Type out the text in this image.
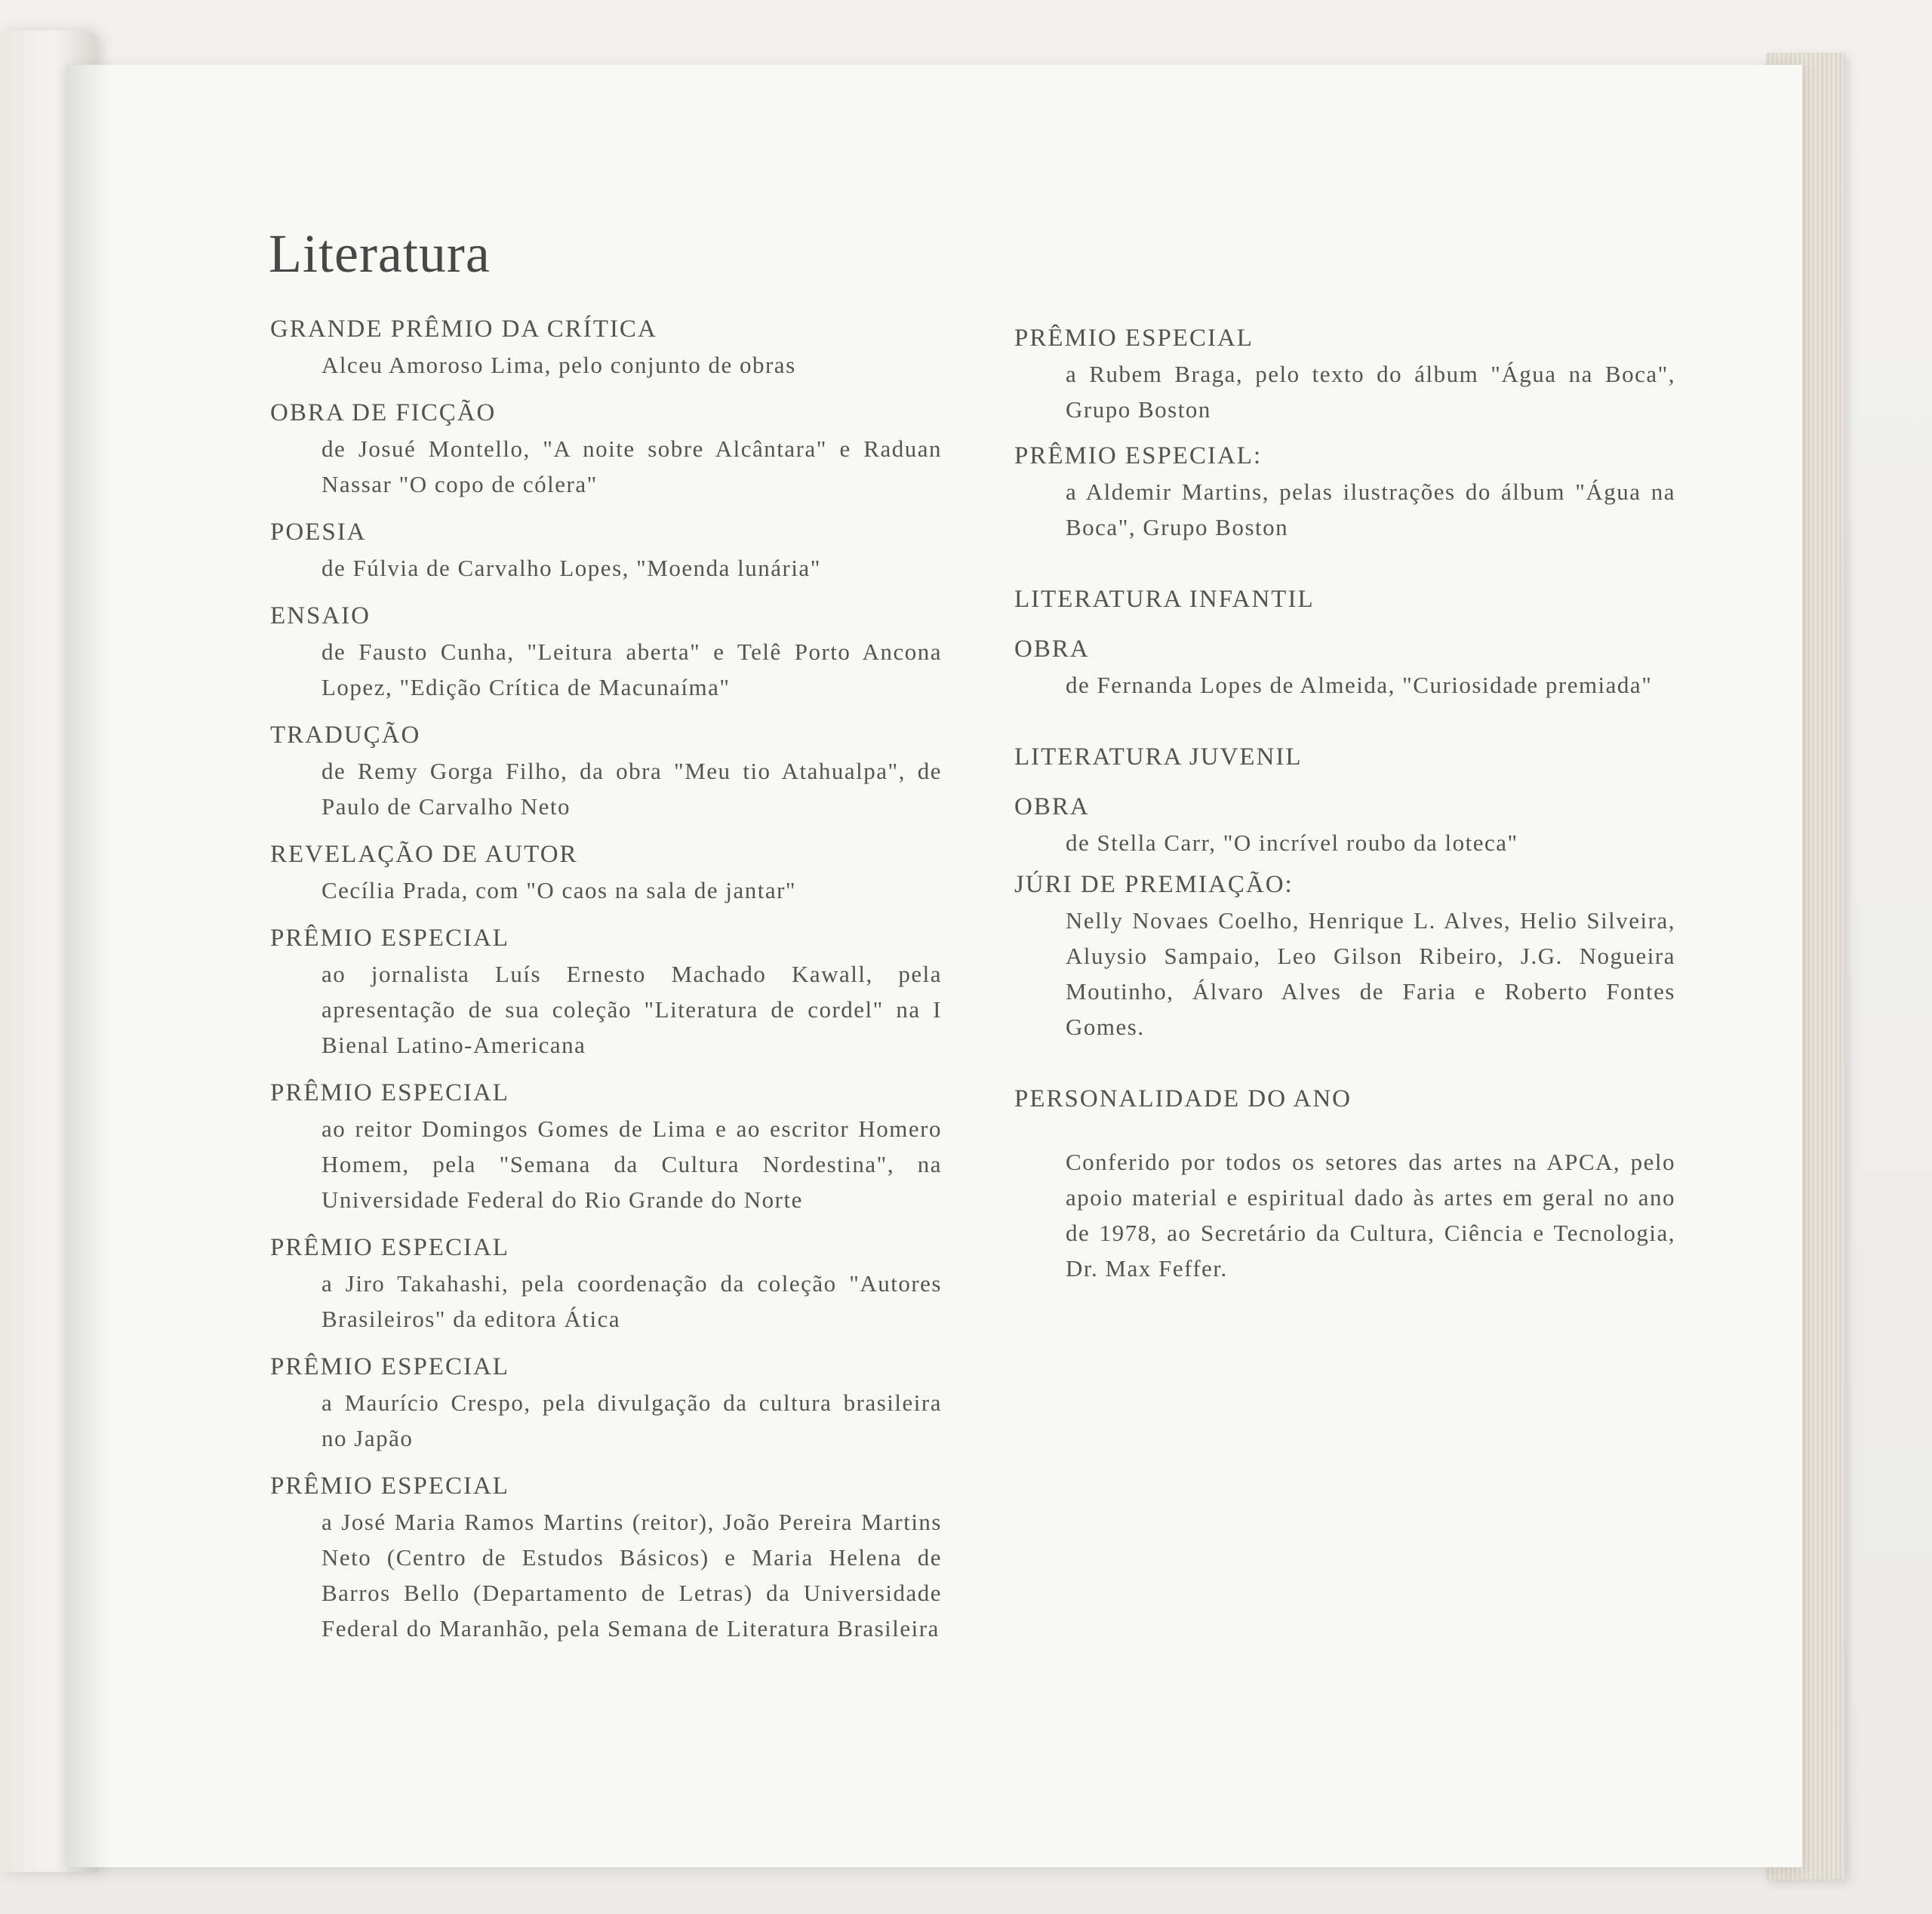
Literatura

GRANDE PRÊMIO DA CRÍTICA

Alceu Amoroso Lima, pelo conjunto de obras

OBRA DE FICÇÃO

de Josué Montello, "A noite sobre Alcântara" e Raduan Nassar "O copo de cólera"

POESIA

de Fúlvia de Carvalho Lopes, "Moenda lunária"

ENSAIO

de Fausto Cunha, "Leitura aberta" e Telê Porto Ancona Lopez, "Edição Crítica de Macunaíma"

TRADUÇÃO

de Remy Gorga Filho, da obra "Meu tio Atahualpa", de Paulo de Carvalho Neto

REVELAÇÃO DE AUTOR

Cecília Prada, com "O caos na sala de jantar"

PRÊMIO ESPECIAL

ao jornalista Luís Ernesto Machado Kawall, pela apresentação de sua coleção "Literatura de cordel" na I Bienal Latino-Americana

PRÊMIO ESPECIAL

ao reitor Domingos Gomes de Lima e ao escritor Homero Homem, pela "Semana da Cultura Nordestina", na Universidade Federal do Rio Grande do Norte

PRÊMIO ESPECIAL

a Jiro Takahashi, pela coordenação da coleção "Autores Brasileiros" da editora Ática

PRÊMIO ESPECIAL

a Maurício Crespo, pela divulgação da cultura brasileira no Japão

PRÊMIO ESPECIAL

a José Maria Ramos Martins (reitor), João Pereira Martins Neto (Centro de Estudos Básicos) e Maria Helena de Barros Bello (Departamento de Letras) da Universidade Federal do Maranhão, pela Semana de Literatura Brasileira

PRÊMIO ESPECIAL

a Rubem Braga, pelo texto do álbum "Água na Boca", Grupo Boston

PRÊMIO ESPECIAL:

a Aldemir Martins, pelas ilustrações do álbum "Água na Boca", Grupo Boston

LITERATURA INFANTIL

OBRA

de Fernanda Lopes de Almeida, "Curiosidade premiada"

LITERATURA JUVENIL

OBRA

de Stella Carr, "O incrível roubo da loteca"

JÚRI DE PREMIAÇÃO:

Nelly Novaes Coelho, Henrique L. Alves, Helio Silveira, Aluysio Sampaio, Leo Gilson Ribeiro, J.G. Nogueira Moutinho, Álvaro Alves de Faria e Roberto Fontes Gomes.

PERSONALIDADE DO ANO

Conferido por todos os setores das artes na APCA, pelo apoio material e espiritual dado às artes em geral no ano de 1978, ao Secretário da Cultura, Ciência e Tecnologia, Dr. Max Feffer.
